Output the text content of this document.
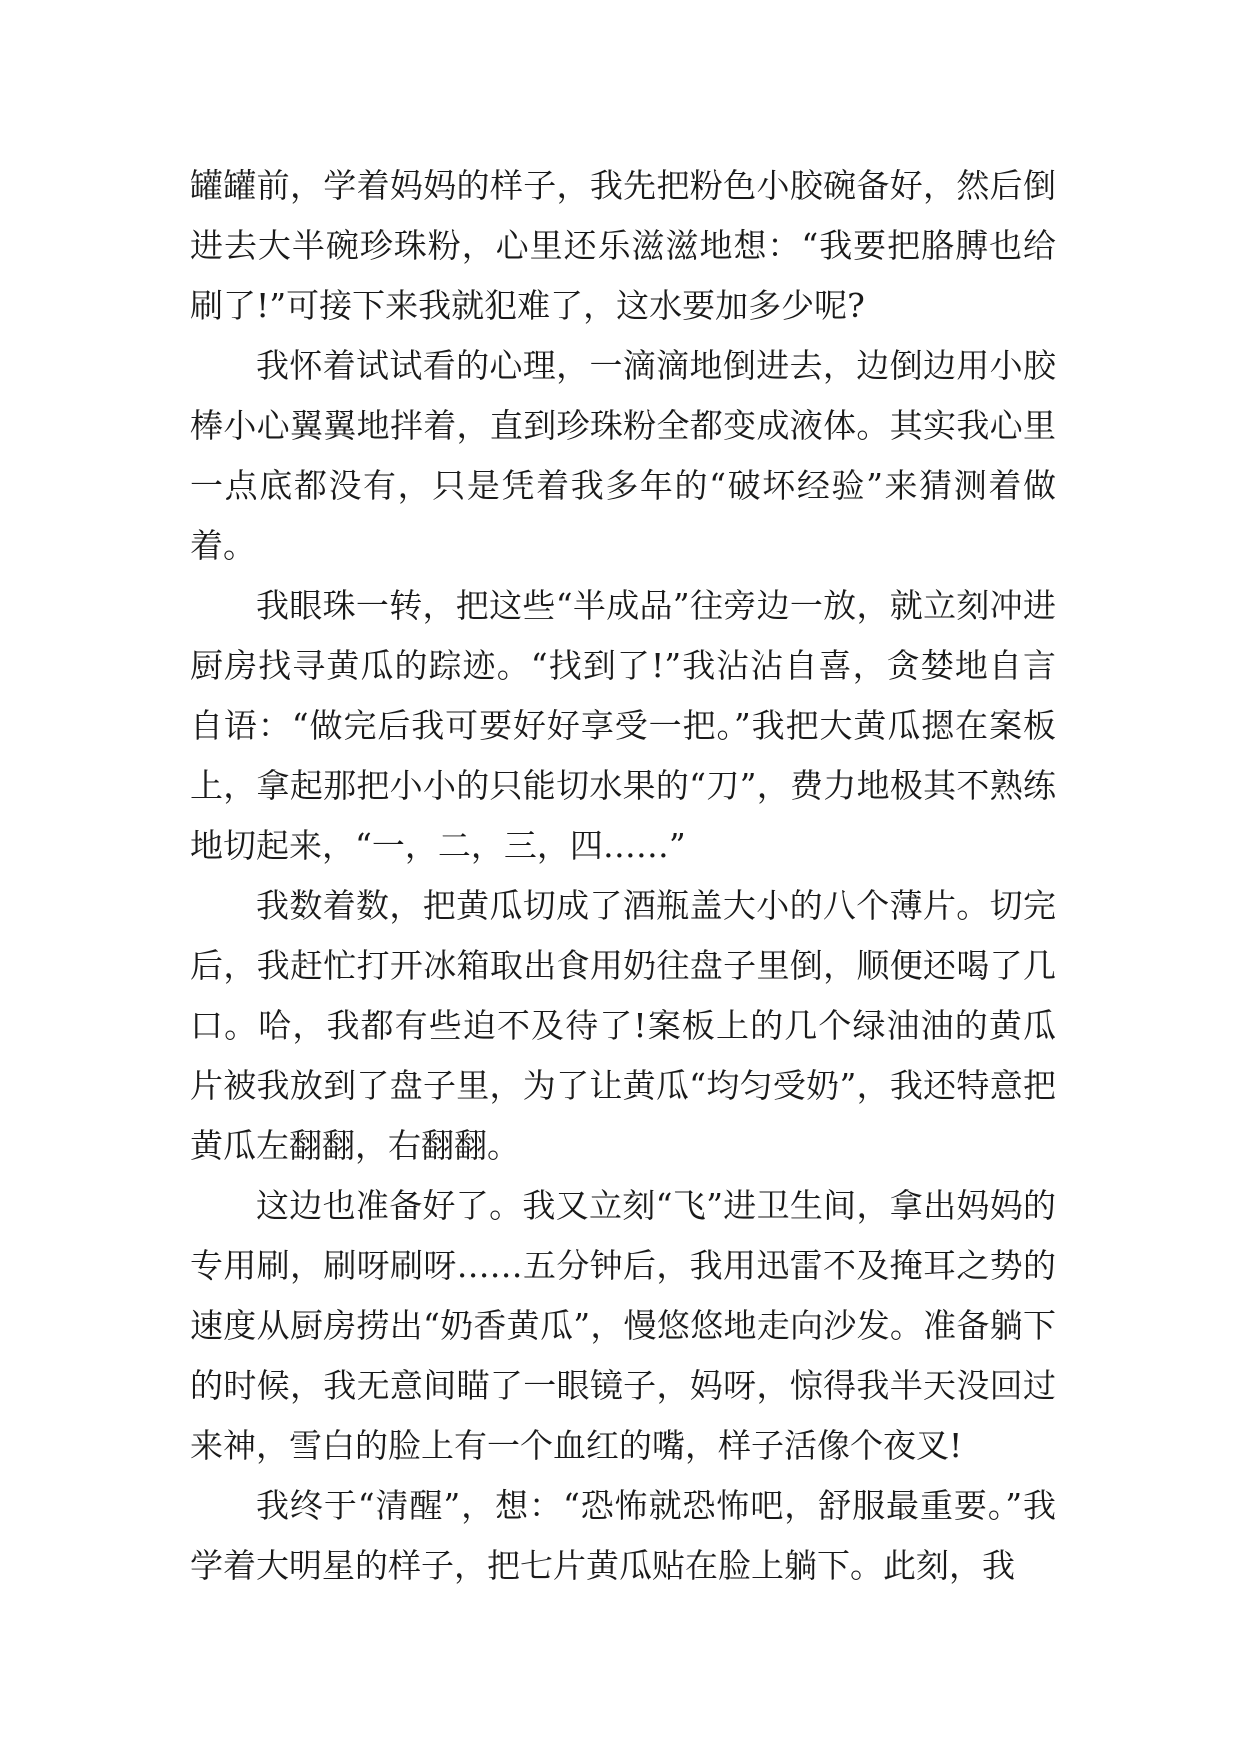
罐罐前，学着妈妈的样子，我先把粉色小胶碗备好，然后倒进去大半碗珍珠粉，心里还乐滋滋地想：“我要把胳膊也给刷了!”可接下来我就犯难了，这水要加多少呢?

我怀着试试看的心理，一滴滴地倒进去，边倒边用小胶棒小心翼翼地拌着，直到珍珠粉全都变成液体。其实我心里一点底都没有，只是凭着我多年的“破坏经验”来猜测着做着。

我眼珠一转，把这些“半成品”往旁边一放，就立刻冲进厨房找寻黄瓜的踪迹。“找到了!”我沾沾自喜，贪婪地自言自语：“做完后我可要好好享受一把。”我把大黄瓜摁在案板上，拿起那把小小的只能切水果的“刀”，费力地极其不熟练地切起来，“一，二，三，四……”

我数着数，把黄瓜切成了酒瓶盖大小的八个薄片。切完后，我赶忙打开冰箱取出食用奶往盘子里倒，顺便还喝了几口。哈，我都有些迫不及待了!案板上的几个绿油油的黄瓜片被我放到了盘子里，为了让黄瓜“均匀受奶”，我还特意把黄瓜左翻翻，右翻翻。

这边也准备好了。我又立刻“飞”进卫生间，拿出妈妈的专用刷，刷呀刷呀……五分钟后，我用迅雷不及掩耳之势的速度从厨房捞出“奶香黄瓜”，慢悠悠地走向沙发。准备躺下的时候，我无意间瞄了一眼镜子，妈呀，惊得我半天没回过来神，雪白的脸上有一个血红的嘴，样子活像个夜叉!

我终于“清醒”，想：“恐怖就恐怖吧，舒服最重要。”我学着大明星的样子，把七片黄瓜贴在脸上躺下。此刻，我
